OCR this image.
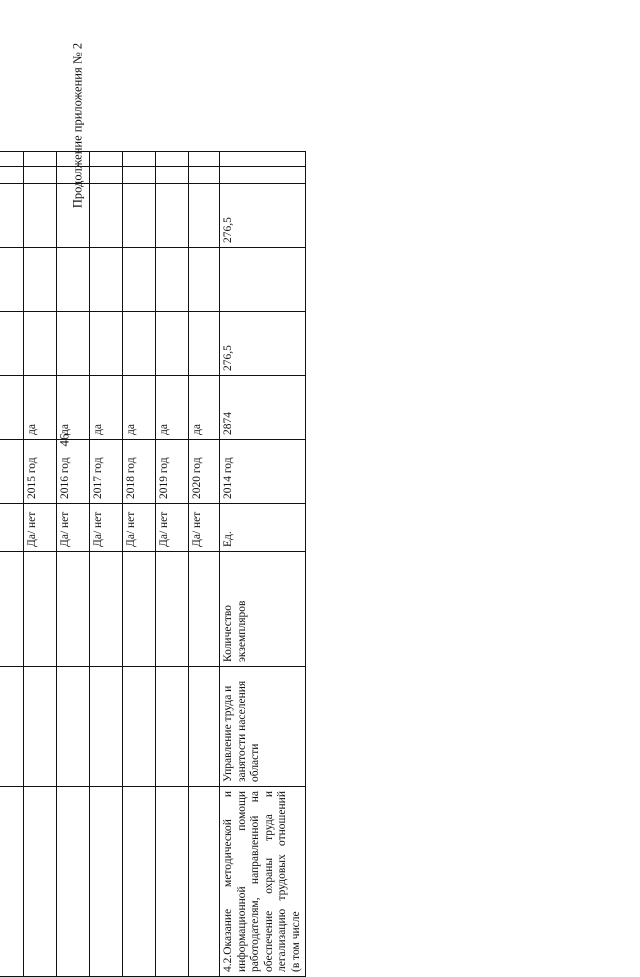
46
Продолжение приложения № 2

			Да/ нет	2015 год	да					
			Да/ нет	2016 год	да					
			Да/ нет	2017 год	да					
			Да/ нет	2018 год	да					
			Да/ нет	2019 год	да					
			Да/ нет	2020 год	да					
4.2.Оказание методической и информационной помощи работодателям, направленной на обеспечение охраны труда и легализацию трудовых отношений (в том числе	Управление труда и занятости населения области	Количество экземпляров	Ед.	2014 год	2874	276,5		276,5		
